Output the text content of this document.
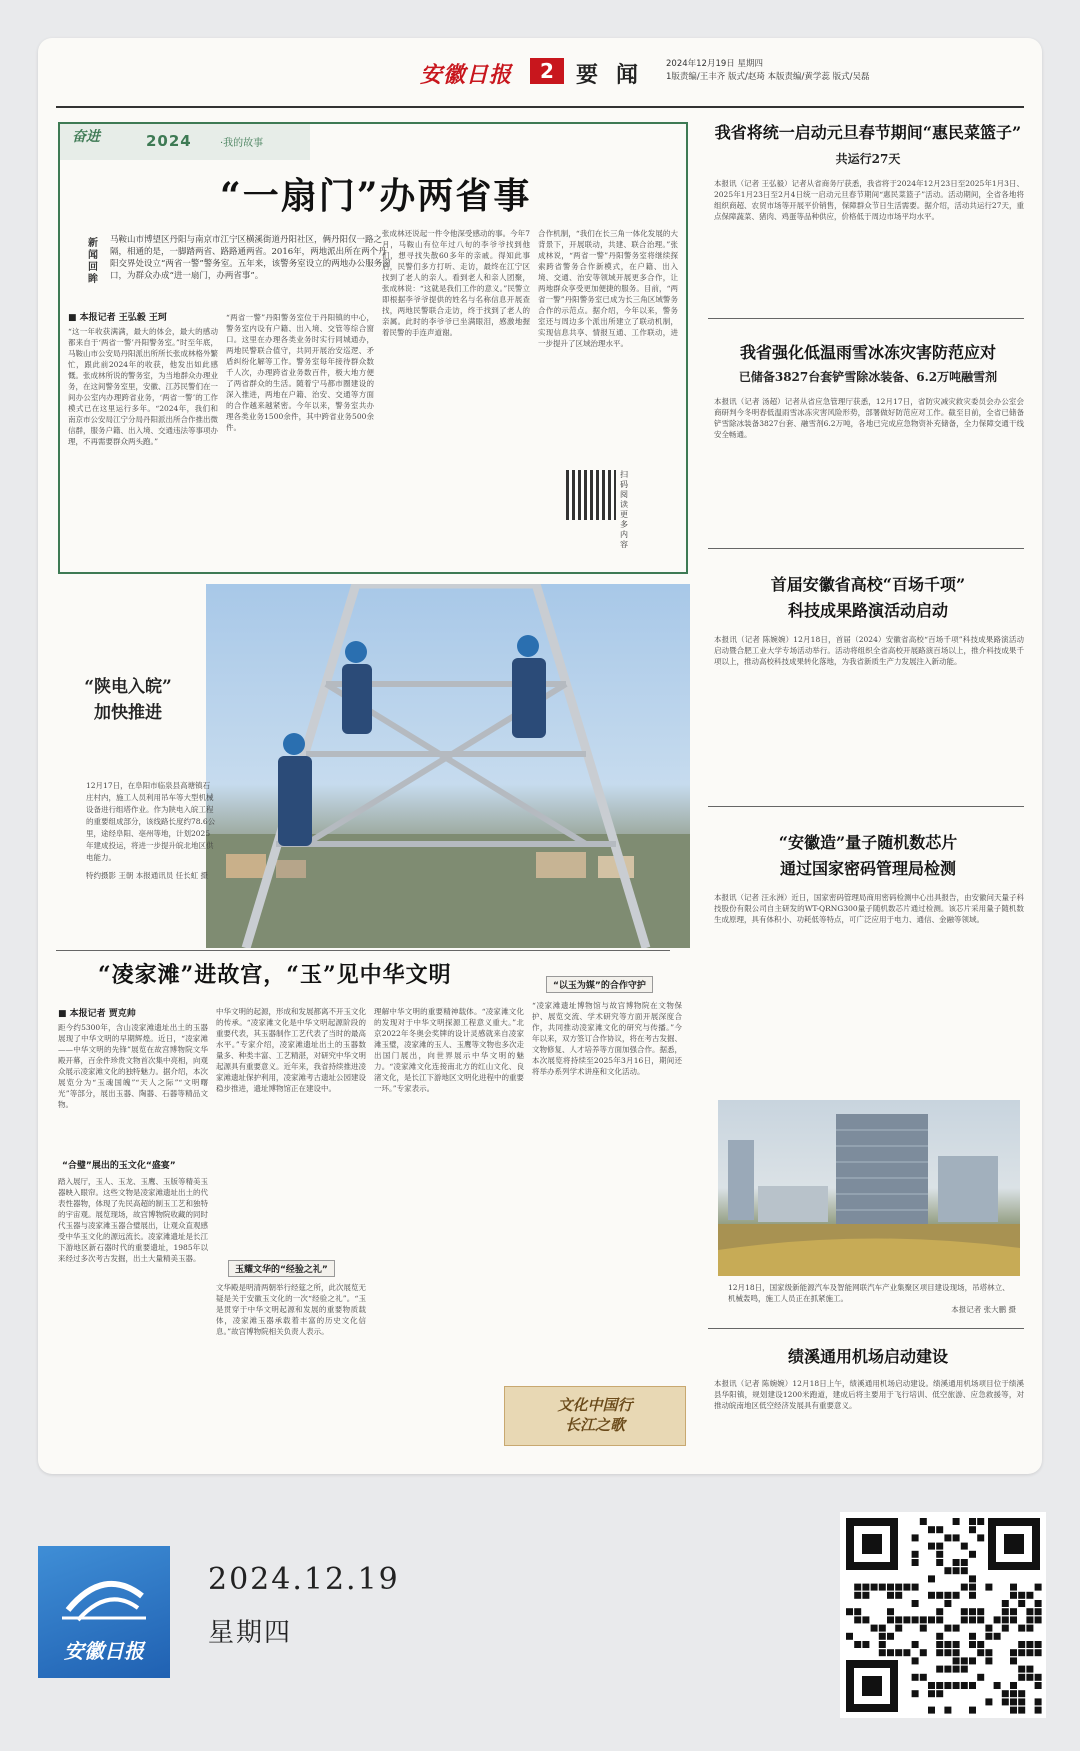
安徽日报	2	要闻 2024年12月19日 星期四
1版责编/王丰齐 版式/赵琦 本版责编/黄学蕊 版式/吴磊
奋进	2024	·我的故事
“一扇门”办两省事
新闻回眸
马鞍山市博望区丹阳与南京市江宁区横溪街道丹阳社区，俩丹阳仅一路之隔，相通的是，一脚踏两省、路路通两省。2016年，两地派出所在两个丹阳交界处设立“两省一警”警务室。五年来，该警务室设立的两地办公服务窗口，为群众办成“进一扇门，办两省事”。
■ 本报记者 王弘毅 王珂
“这一年收获满满，最大的体会，最大的感动都来自于‘两省一警’丹阳警务室。”时至年底，马鞍山市公安局丹阳派出所所长张成林格外繁忙，跟此前2024年的收获，他发出如此感慨。张成林所说的警务室，为当地群众办理业务，在这间警务室里，安徽、江苏民警们在一间办公室内办理跨省业务，‘两省一警’的工作模式已在这里运行多年。“2024年，我们和南京市公安局江宁分局丹阳派出所合作推出微信群，服务户籍、出入境、交通违法等事项办理，不再需要群众两头跑。”
“两省一警”丹阳警务室位于丹阳镇的中心，警务室内设有户籍、出入境、交管等综合窗口。这里在办理各类业务时实行同城通办，两地民警联合值守，共同开展治安巡逻、矛盾纠纷化解等工作。警务室每年接待群众数千人次，办理跨省业务数百件，极大地方便了两省群众的生活。随着宁马都市圈建设的深入推进，两地在户籍、治安、交通等方面的合作越来越紧密。今年以来，警务室共办理各类业务1500余件，其中跨省业务500余件。
张成林还说起一件令他深受感动的事。今年7月，马鞍山有位年过八旬的李爷爷找到他们，想寻找失散60多年的亲戚。得知此事后，民警们多方打听、走访，最终在江宁区找到了老人的亲人。看到老人和亲人团聚，张成林说：“这就是我们工作的意义。”民警立即根据李爷爷提供的姓名与名称信息开展查找，两地民警联合走访，终于找到了老人的亲属。此时的李爷爷已坐满眼泪，感激地握着民警的手连声道谢。
合作机制，“我们在长三角一体化发展的大背景下，开展联动，共建、联合治理。”张成林说，“两省一警”丹阳警务室将继续探索跨省警务合作新模式，在户籍、出入境、交通、治安等领域开展更多合作，让两地群众享受更加便捷的服务。目前，“两省一警”丹阳警务室已成为长三角区域警务合作的示范点。据介绍，今年以来，警务室还与周边多个派出所建立了联动机制，实现信息共享、情报互通、工作联动，进一步提升了区域治理水平。
扫码阅读更多内容
“陕电入皖”
加快推进
12月17日，在阜阳市临泉县高塘镇石庄村内，施工人员利用吊车等大型机械设备进行组塔作业。作为陕电入皖工程的重要组成部分，该线路长度约78.6公里，途经阜阳、亳州等地，计划2025年建成投运，将进一步提升皖北地区供电能力。
特约摄影 王朝 本报通讯员 任长虹 摄
“凌家滩”进故宫，“玉”见中华文明
■ 本报记者 贾克帅
距今约5300年，含山凌家滩遗址出土的玉器展现了中华文明的早期辉煌。近日，“凌家滩——中华文明的先锋”展览在故宫博物院文华殿开幕，百余件珍贵文物首次集中亮相，向观众展示凌家滩文化的独特魅力。据介绍，本次展览分为“玉魂国魄”“天人之际”“文明曙光”等部分，展出玉器、陶器、石器等精品文物。
“合璧”展出的玉文化“盛宴”
踏入展厅，玉人、玉龙、玉鹰、玉版等精美玉器映入眼帘。这些文物是凌家滩遗址出土的代表性器物，体现了先民高超的制玉工艺和独特的宇宙观。展览现场，故宫博物院收藏的同时代玉器与凌家滩玉器合璧展出，让观众直观感受中华玉文化的源远流长。凌家滩遗址是长江下游地区新石器时代的重要遗址，1985年以来经过多次考古发掘，出土大量精美玉器。
中华文明的起源，形成和发展都离不开玉文化的传承。“凌家滩文化是中华文明起源阶段的重要代表，其玉器制作工艺代表了当时的最高水平。”专家介绍，凌家滩遗址出土的玉器数量多、种类丰富、工艺精湛，对研究中华文明起源具有重要意义。近年来，我省持续推进凌家滩遗址保护利用，凌家滩考古遗址公园建设稳步推进，遗址博物馆正在建设中。
玉耀文华的“经验之礼”
文华殿是明清两朝举行经筵之所，此次展览无疑是关于安徽玉文化的一次“经验之礼”。“玉是贯穿于中华文明起源和发展的重要物质载体，凌家滩玉器承载着丰富的历史文化信息。”故宫博物院相关负责人表示。
理解中华文明的重要精神载体。“凌家滩文化的发现对于中华文明探源工程意义重大。”北京2022年冬奥会奖牌的设计灵感就来自凌家滩玉璧，凌家滩的玉人、玉鹰等文物也多次走出国门展出，向世界展示中华文明的魅力。“凌家滩文化连接南北方的红山文化、良渚文化，是长江下游地区文明化进程中的重要一环。”专家表示。
“以玉为媒”的合作守护
“凌家滩遗址博物馆与故宫博物院在文物保护、展览交流、学术研究等方面开展深度合作，共同推动凌家滩文化的研究与传播。”今年以来，双方签订合作协议，将在考古发掘、文物修复、人才培养等方面加强合作。据悉，本次展览将持续至2025年3月16日，期间还将举办系列学术讲座和文化活动。
文化中国行
长江之歌
我省将统一启动元旦春节期间“惠民菜篮子”
共运行27天
本报讯（记者 王弘毅）记者从省商务厅获悉，我省将于2024年12月23日至2025年1月3日、2025年1月23日至2月4日统一启动元旦春节期间“惠民菜篮子”活动。活动期间，全省各地将组织商超、农贸市场等开展平价销售，保障群众节日生活需要。据介绍，活动共运行27天，重点保障蔬菜、猪肉、鸡蛋等品种供应，价格低于周边市场平均水平。
我省强化低温雨雪冰冻灾害防范应对
已储备3827台套铲雪除冰装备、6.2万吨融雪剂
本报讯（记者 汤超）记者从省应急管理厅获悉，12月17日，省防灾减灾救灾委员会办公室会商研判今冬明春低温雨雪冰冻灾害风险形势，部署做好防范应对工作。截至目前，全省已储备铲雪除冰装备3827台套、融雪剂6.2万吨，各地已完成应急物资补充储备，全力保障交通干线安全畅通。
首届安徽省高校“百场千项”
科技成果路演活动启动
本报讯（记者 陈婉婉）12月18日，首届（2024）安徽省高校“百场千项”科技成果路演活动启动暨合肥工业大学专场活动举行。活动将组织全省高校开展路演百场以上，推介科技成果千项以上，推动高校科技成果转化落地，为我省新质生产力发展注入新动能。
“安徽造”量子随机数芯片
通过国家密码管理局检测
本报讯（记者 汪永洲）近日，国家密码管理局商用密码检测中心出具报告，由安徽问天量子科技股份有限公司自主研发的WT-QRNG300量子随机数芯片通过检测。该芯片采用量子随机数生成原理，具有体积小、功耗低等特点，可广泛应用于电力、通信、金融等领域。
12月18日，国家级新能源汽车及智能网联汽车产业集聚区项目建设现场，吊塔林立、机械轰鸣，施工人员正在抓紧施工。
本报记者 张大鹏 摄
绩溪通用机场启动建设
本报讯（记者 陈婉婉）12月18日上午，绩溪通用机场启动建设。绩溪通用机场项目位于绩溪县华阳镇，规划建设1200米跑道，建成后将主要用于飞行培训、低空旅游、应急救援等，对推动皖南地区低空经济发展具有重要意义。
安徽日报
2024.12.19
星期四
